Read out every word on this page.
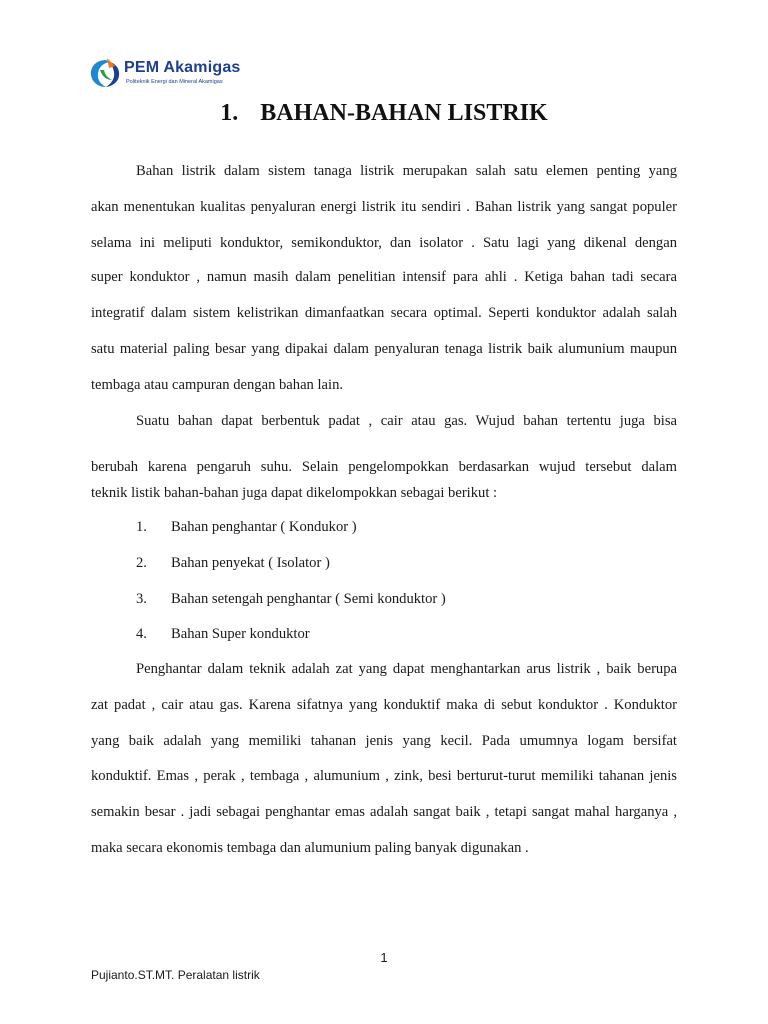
PEM Akamigas
Politeknik Energi dan Mineral Akamigas
1. BAHAN-BAHAN LISTRIK
Bahan listrik dalam sistem tanaga listrik merupakan salah satu elemen penting yang
akan menentukan kualitas penyaluran energi listrik itu sendiri . Bahan listrik yang sangat populer
selama ini meliputi konduktor, semikonduktor, dan isolator . Satu lagi yang dikenal dengan
super konduktor , namun masih dalam penelitian intensif para ahli . Ketiga bahan tadi secara
integratif dalam sistem kelistrikan dimanfaatkan secara optimal. Seperti konduktor adalah salah
satu material paling besar yang dipakai dalam penyaluran tenaga listrik baik alumunium maupun
tembaga atau campuran dengan bahan lain.
Suatu bahan dapat berbentuk padat , cair atau gas. Wujud bahan tertentu juga bisa
berubah karena pengaruh suhu. Selain pengelompokkan berdasarkan wujud tersebut dalam
teknik listik bahan-bahan juga dapat dikelompokkan sebagai berikut :
1. Bahan penghantar ( Kondukor )
2. Bahan penyekat ( Isolator )
3. Bahan setengah penghantar ( Semi konduktor )
4. Bahan Super konduktor
Penghantar dalam teknik adalah zat yang dapat menghantarkan arus listrik , baik berupa
zat padat , cair atau gas. Karena sifatnya yang konduktif maka di sebut konduktor . Konduktor
yang baik adalah yang memiliki tahanan jenis yang kecil. Pada umumnya logam bersifat
konduktif. Emas , perak , tembaga , alumunium , zink, besi berturut-turut memiliki tahanan jenis
semakin besar . jadi sebagai penghantar emas adalah sangat baik , tetapi sangat mahal harganya ,
maka secara ekonomis tembaga dan alumunium paling banyak digunakan .
1
Pujianto.ST.MT. Peralatan listrik
